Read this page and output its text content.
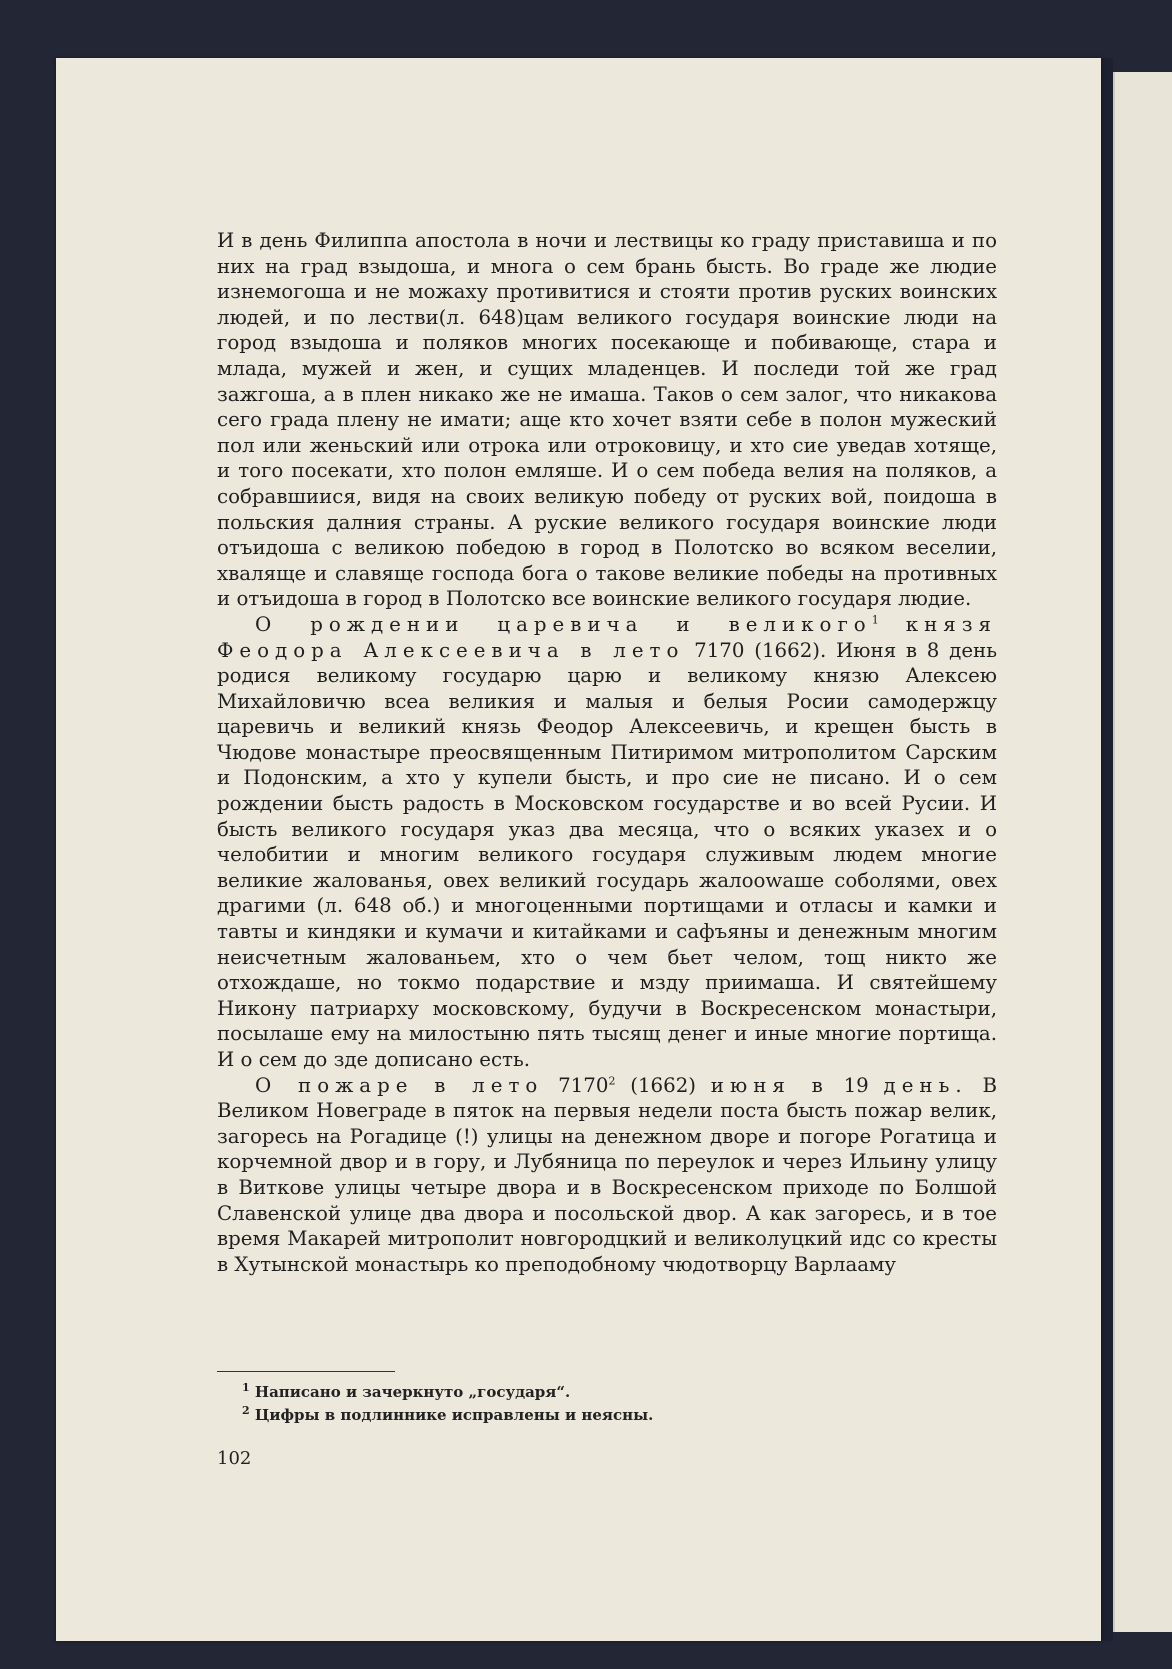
И в день Филиппа апостола в ночи и лествицы ко граду приставиша и по них на град взыдоша, и многа о сем брань бысть. Во граде же людие изнемогоша и не можаху противитися и стояти против руских воинских людей, и по лестви(л. 648)цам великого государя воинские люди на город взыдоша и поляков многих посекающе и побивающе, стара и млада, мужей и жен, и сущих младенцев. И последи той же град зажгоша, а в плен никако же не имаша. Таков о сем залог, что никакова сего града плену не имати; аще кто хочет взяти себе в полон мужеский пол или женьский или отрока или отроковицу, и хто сие уведав хотяще, и того посекати, хто полон емляше. И о сем победа велия на поляков, а собравшиися, видя на своих великую победу от руских вой, поидоша в польския далния страны. А руские великого государя воинские люди отъидоша с великою победою в город в Полотско во всяком веселии, хваляще и славяще господа бога о такове великие победы на противных и отъидоша в город в Полотско все воинские великого государя людие.

О рождении царевича и великого$^1$ князя Феодора Алексеевича в лето 7170 (1662). Июня в 8 день родися великому государю царю и великому князю Алексею Михайловичю всеа великия и малыя и белыя Росии самодержцу царевичь и великий князь Феодор Алексеевичь, и крещен бысть в Чюдове монастыре преосвященным Питиримом митрополитом Сарским и Подонским, а хто у купели бысть, и про сие не писано. И о сем рождении бысть радость в Московском государстве и во всей Русии. И бысть великого государя указ два месяца, что о всяких указех и о челобитии и многим великого государя служивым людем многие великие жалованья, овех великий государь жалоowаше соболями, овех драгими (л. 648 об.) и многоценными портищами и отласы и камки и тавты и киндяки и кумачи и китайками и сафъяны и денежным многим неисчетным жалованьем, хто о чем бьет челом, тощ никто же отхождаше, но токмо подарствие и мзду приимаша. И святейшему Никону патриарху московскому, будучи в Воскресенском монастыри, посылаше ему на милостыню пять тысящ денег и иные многие портища. И о сем до зде дописано есть.

О пожаре в лето 7170$^2$ (1662) июня в 19 день. В Великом Новеграде в пяток на первыя недели поста бысть пожар велик, загоресь на Рогадице (!) улицы на денежном дворе и погоре Рогатица и корчемной двор и в гору, и Лубяница по переулок и через Ильину улицу в Виткове улицы четыре двора и в Воскресенском приходе по Болшой Славенской улице два двора и посольской двор. А как загоресь, и в тое время Макарей митрополит новгородцкий и великолуцкий идс со кресты в Хутынской монастырь ко преподобному чюдотворцу Варлааму

$^1$ Написано и зачеркнуто „государя“.
$^2$ Цифры в подлиннике исправлены и неясны.
102
